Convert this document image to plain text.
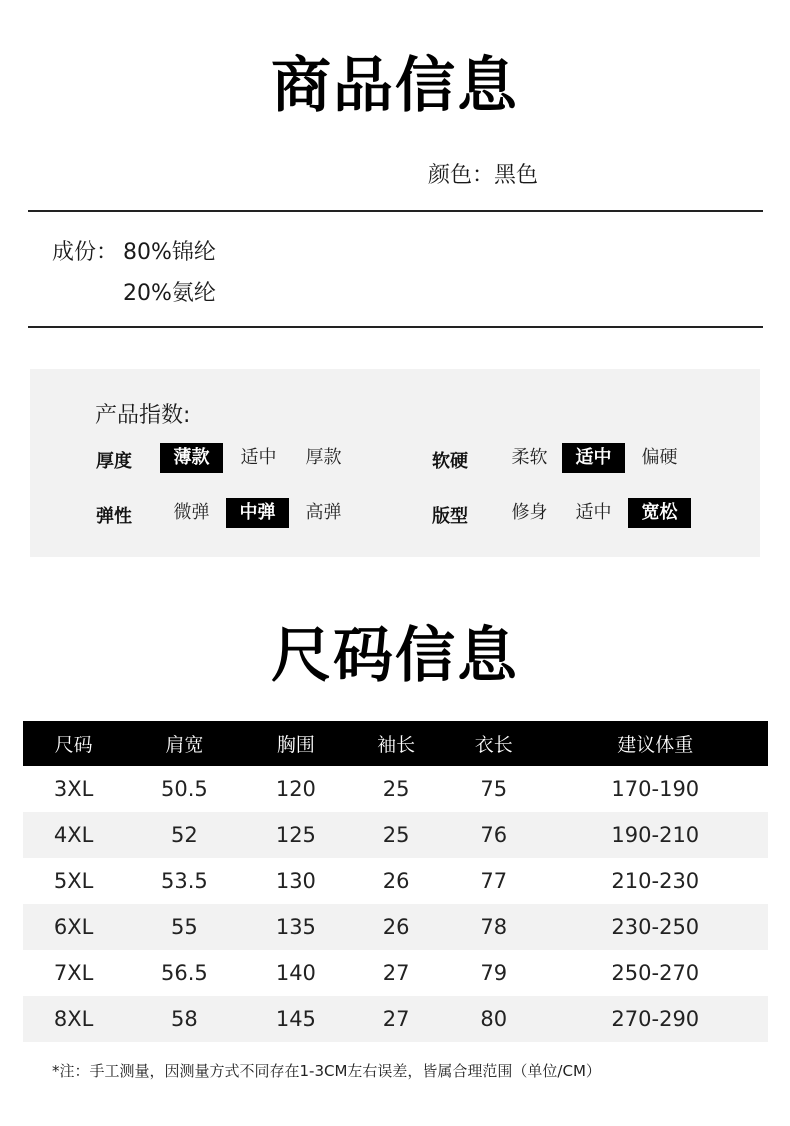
商品信息
颜色：黑色
成份： 80%锦纶
20%氨纶
产品指数:
厚度	薄款	适中	厚款	软硬	柔软	适中	偏硬
弹性	微弹	中弹	高弹	版型	修身	适中	宽松
尺码信息
尺码	肩宽	胸围	袖长	衣长	建议体重
3XL	50.5	120	25	75	170-190
4XL	52	125	25	76	190-210
5XL	53.5	130	26	77	210-230
6XL	55	135	26	78	230-250
7XL	56.5	140	27	79	250-270
8XL	58	145	27	80	270-290
*注：手工测量，因测量方式不同存在1-3CM左右误差，皆属合理范围（单位/CM）
